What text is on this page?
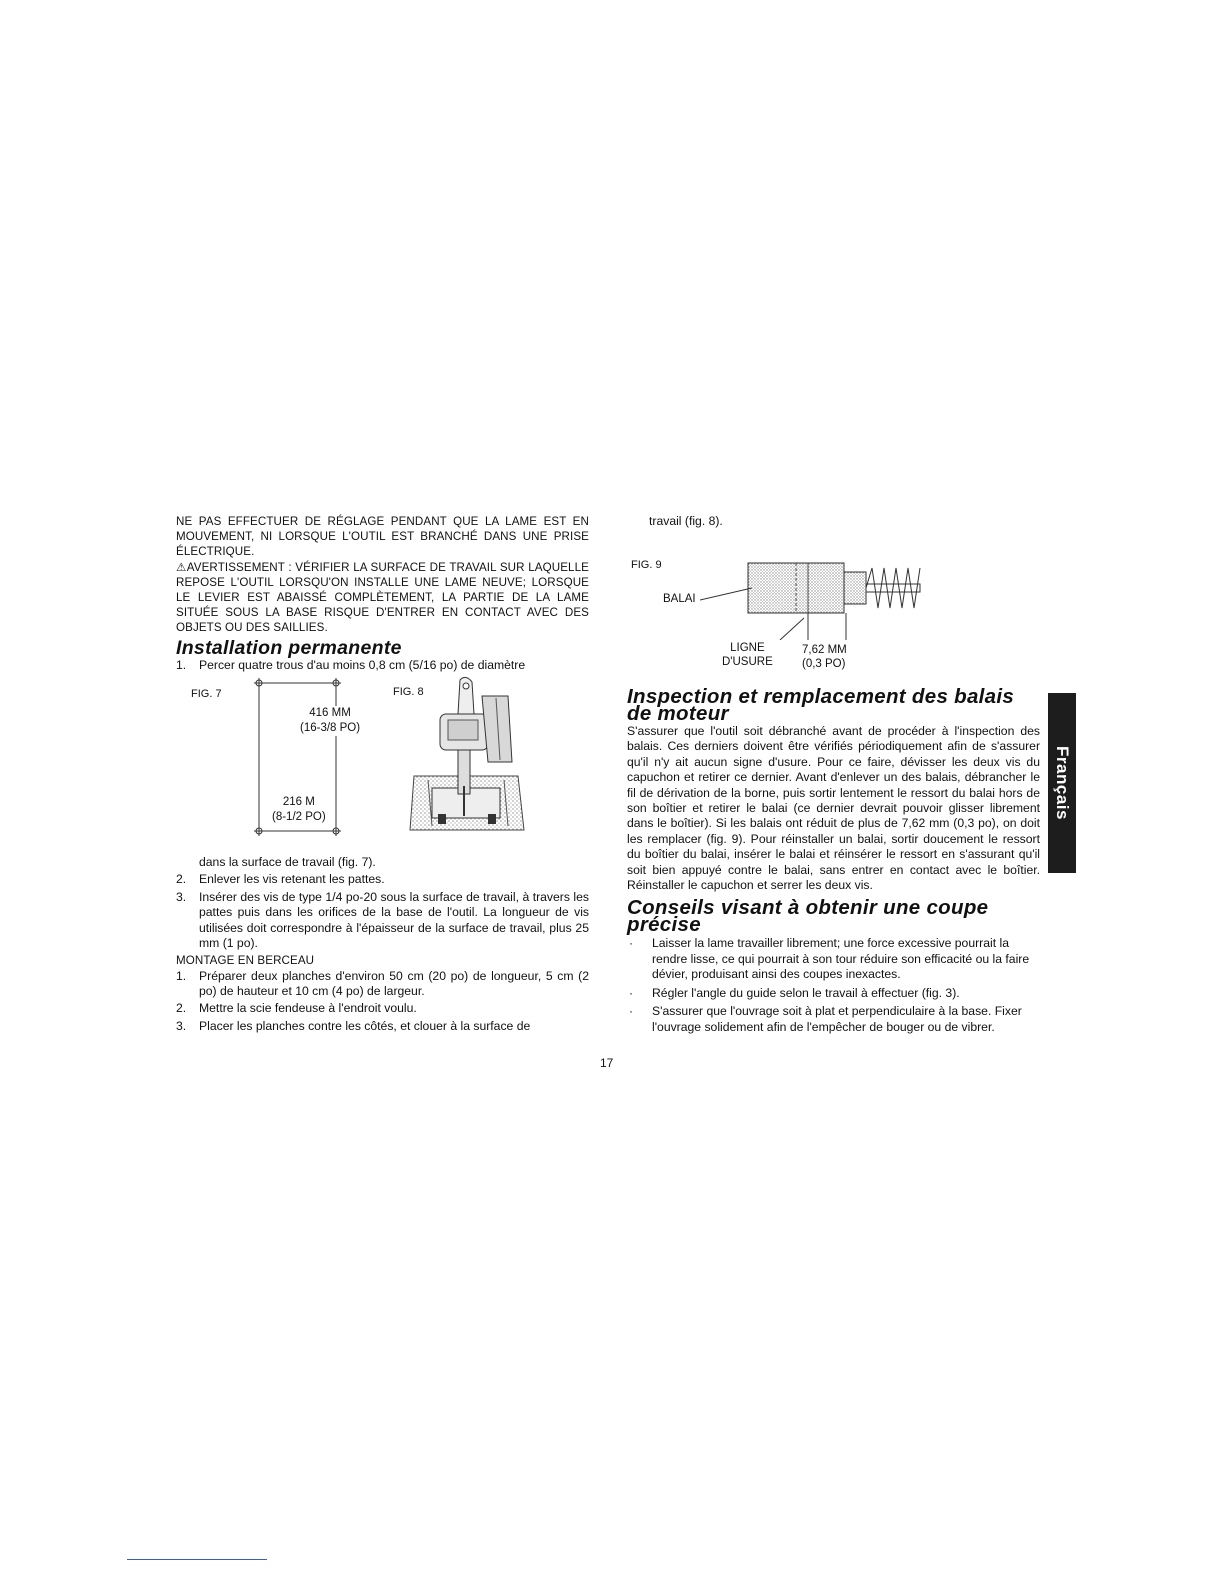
NE PAS EFFECTUER DE RÉGLAGE PENDANT QUE LA LAME EST EN MOUVEMENT, NI LORSQUE L'OUTIL EST BRANCHÉ DANS UNE PRISE ÉLECTRIQUE.

⚠AVERTISSEMENT : VÉRIFIER LA SURFACE DE TRAVAIL SUR LAQUELLE REPOSE L'OUTIL LORSQU'ON INSTALLE UNE LAME NEUVE; LORSQUE LE LEVIER EST ABAISSÉ COMPLÈTEMENT, LA PARTIE DE LA LAME SITUÉE SOUS LA BASE RISQUE D'ENTRER EN CONTACT AVEC DES OBJETS OU DES SAILLIES.

Installation permanente
1.	Percer quatre trous d'au moins 0,8 cm (5/16 po) de diamètre
FIG. 7
416 MM
(16-3/8 PO)
216 M
(8-1/2 PO)
FIG. 8

dans la surface de travail (fig. 7).

2.	Enlever les vis retenant les pattes.
3.	Insérer des vis de type 1/4 po-20 sous la surface de travail, à travers les pattes puis dans les orifices de la base de l'outil. La longueur de vis utilisées doit correspondre à l'épaisseur de la surface de travail, plus 25 mm (1 po).

MONTAGE EN BERCEAU

1.	Préparer deux planches d'environ 50 cm (20 po) de longueur, 5 cm (2 po) de hauteur et 10 cm (4 po) de largeur.
2.	Mettre la scie fendeuse à l'endroit voulu.
3.	Placer les planches contre les côtés, et clouer à la surface de

travail (fig. 8).

FIG. 9
BALAI
LIGNE
D'USURE
7,62 MM
(0,3 PO)
Inspection et remplacement des balais de moteur

S'assurer que l'outil soit débranché avant de procéder à l'inspection des balais. Ces derniers doivent être vérifiés périodiquement afin de s'assurer qu'il n'y ait aucun signe d'usure. Pour ce faire, dévisser les deux vis du capuchon et retirer ce dernier. Avant d'enlever un des balais, débrancher le fil de dérivation de la borne, puis sortir lentement le ressort du balai hors de son boîtier et retirer le balai (ce dernier devrait pouvoir glisser librement dans le boîtier). Si les balais ont réduit de plus de 7,62 mm (0,3 po), on doit les remplacer (fig. 9). Pour réinstaller un balai, sortir doucement le ressort du boîtier du balai, insérer le balai et réinsérer le ressort en s'assurant qu'il soit bien appuyé contre le balai, sans entrer en contact avec le boîtier. Réinstaller le capuchon et serrer les deux vis.

Conseils visant à obtenir une coupe précise
·	Laisser la lame travailler librement; une force excessive pourrait la rendre lisse, ce qui pourrait à son tour réduire son efficacité ou la faire dévier, produisant ainsi des coupes inexactes.
·	Régler l'angle du guide selon le travail à effectuer (fig. 3).
·	S'assurer que l'ouvrage soit à plat et perpendiculaire à la base. Fixer l'ouvrage solidement afin de l'empêcher de bouger ou de vibrer.
Français
17
